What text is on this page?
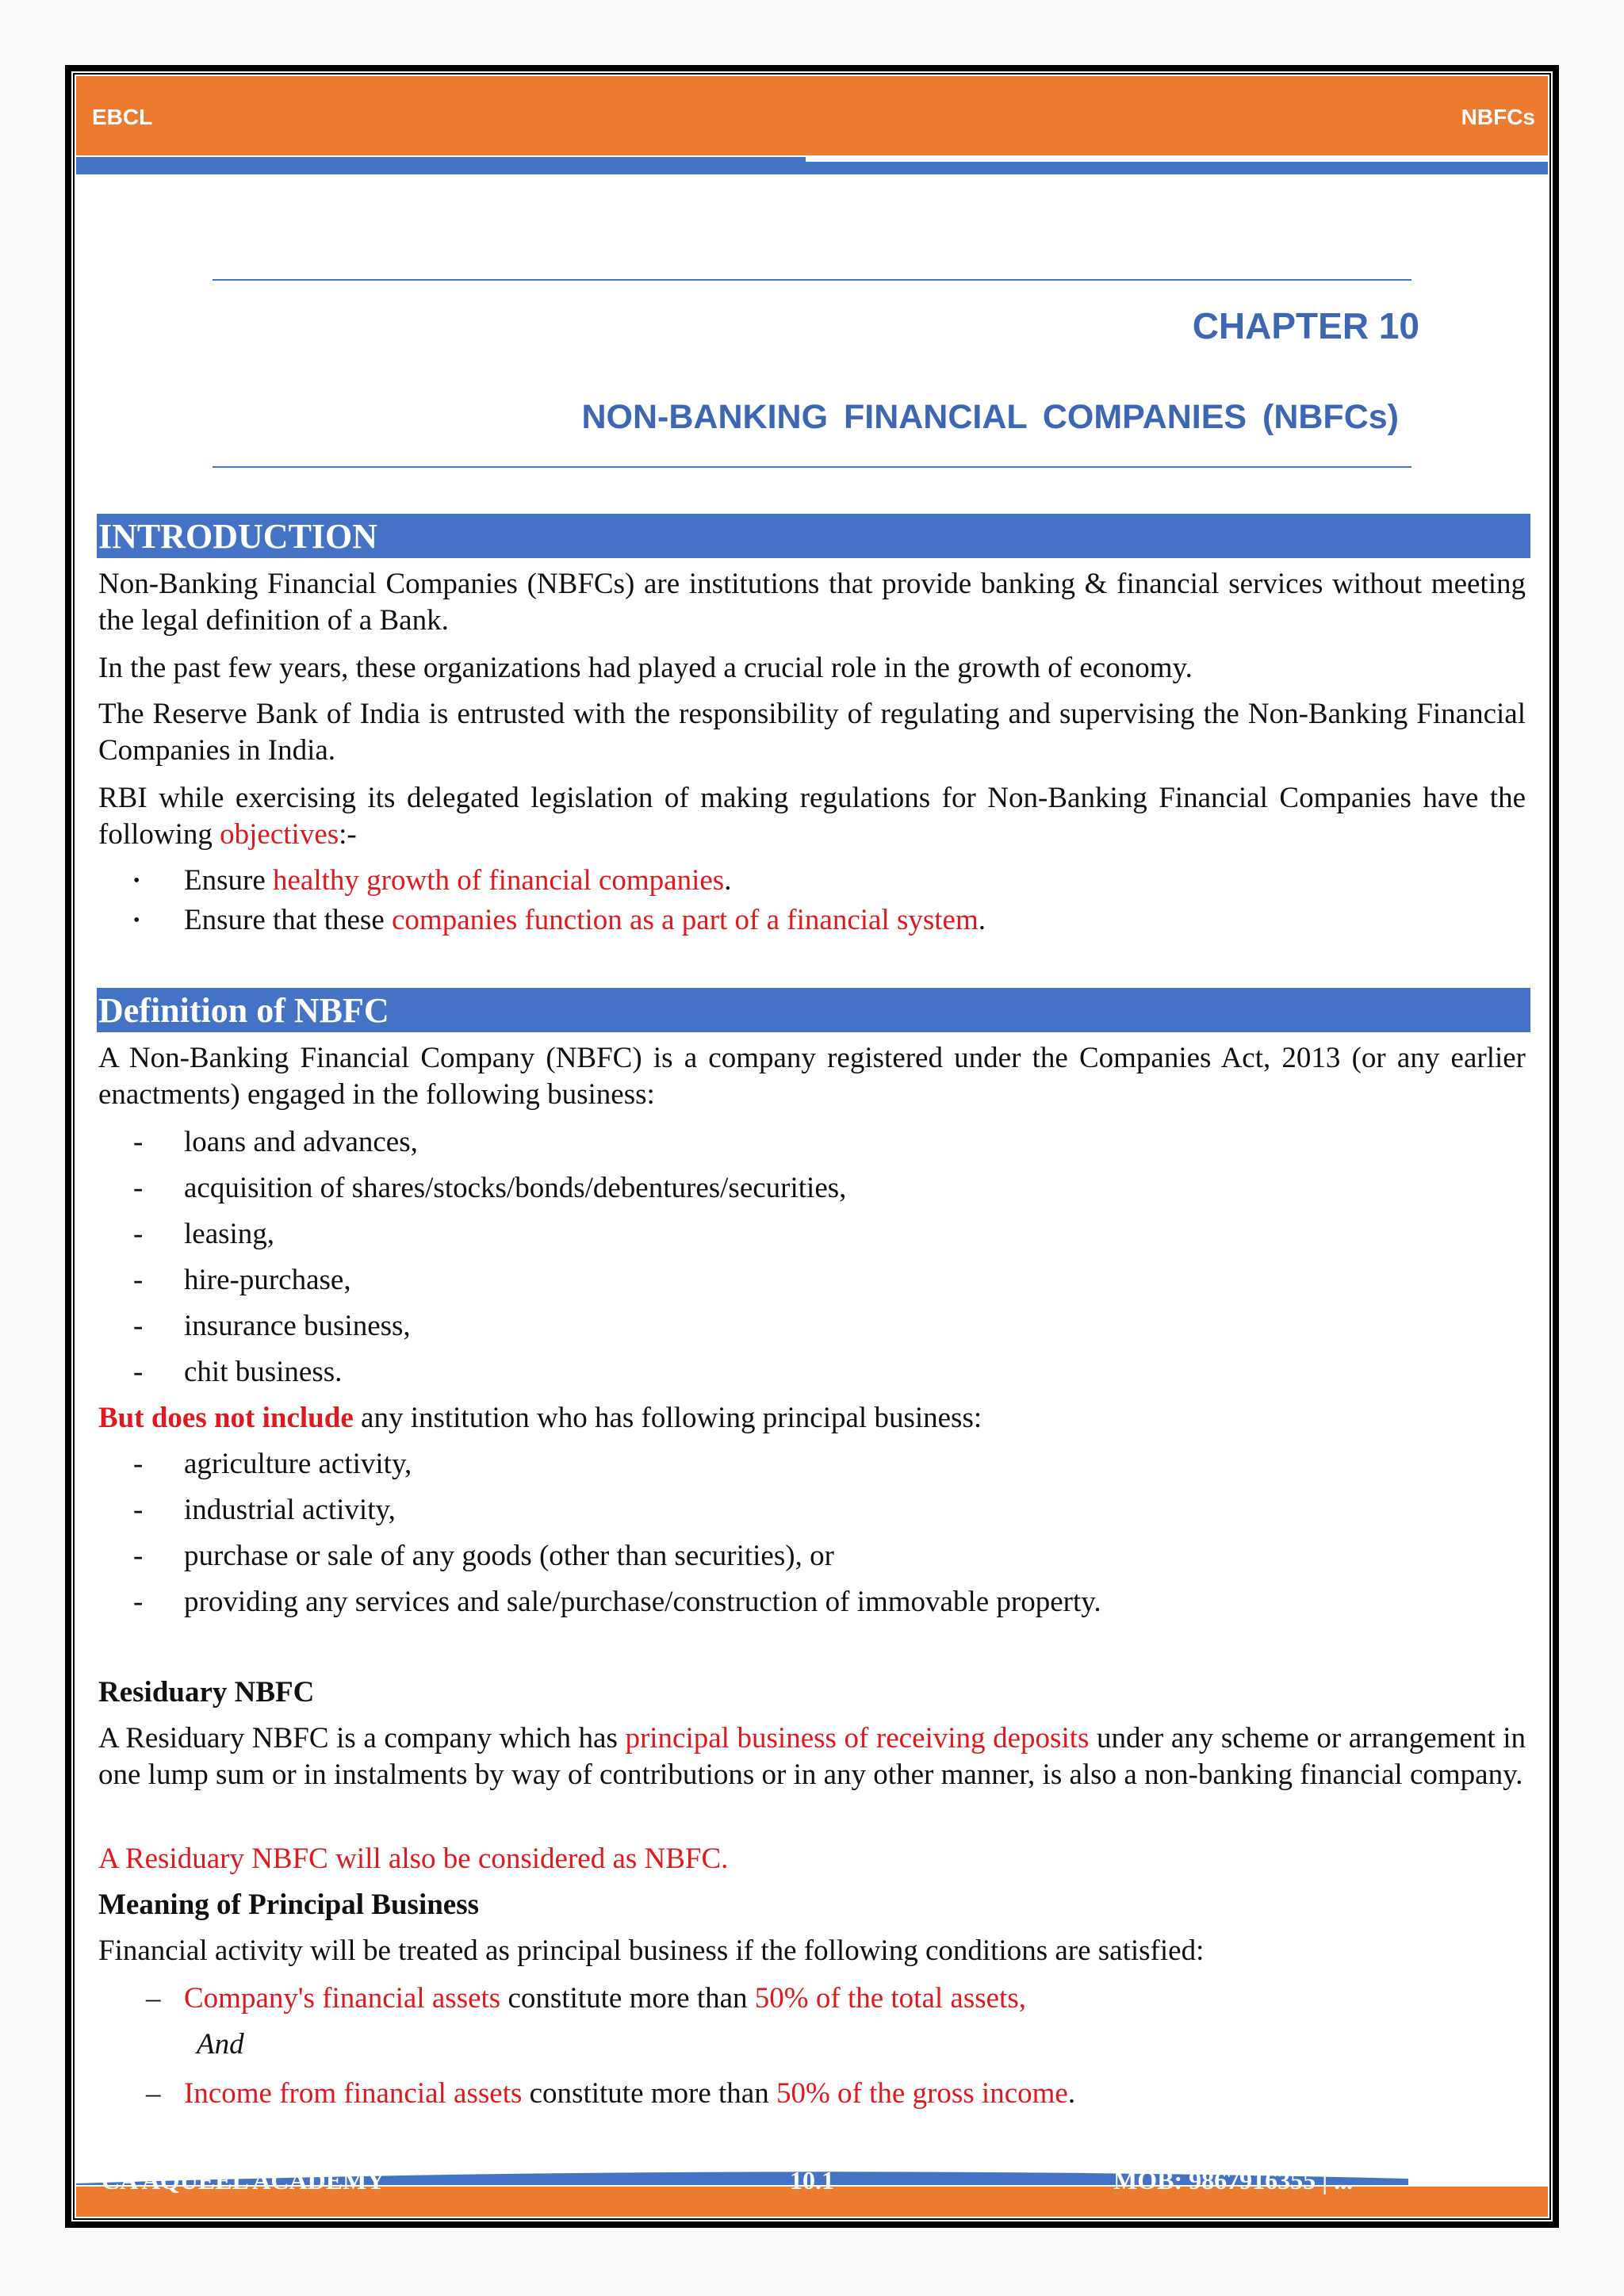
EBCL	NBFCs
CHAPTER 10
NON-BANKING FINANCIAL COMPANIES (NBFCs)
INTRODUCTION
Non-Banking Financial Companies (NBFCs) are institutions that provide banking & financial services without meeting the legal definition of a Bank.
In the past few years, these organizations had played a crucial role in the growth of economy.
The Reserve Bank of India is entrusted with the responsibility of regulating and supervising the Non-Banking Financial Companies in India.
RBI while exercising its delegated legislation of making regulations for Non-Banking Financial Companies have the following objectives:-
• Ensure healthy growth of financial companies.
• Ensure that these companies function as a part of a financial system.
Definition of NBFC
A Non-Banking Financial Company (NBFC) is a company registered under the Companies Act, 2013 (or any earlier enactments) engaged in the following business:
- loans and advances,
- acquisition of shares/stocks/bonds/debentures/securities,
- leasing,
- hire-purchase,
- insurance business,
- chit business.
But does not include any institution who has following principal business:
- agriculture activity,
- industrial activity,
- purchase or sale of any goods (other than securities), or
- providing any services and sale/purchase/construction of immovable property.
Residuary NBFC
A Residuary NBFC is a company which has principal business of receiving deposits under any scheme or arrangement in one lump sum or in instalments by way of contributions or in any other manner, is also a non-banking financial company.
A Residuary NBFC will also be considered as NBFC.
Meaning of Principal Business
Financial activity will be treated as principal business if the following conditions are satisfied:
– Company's financial assets constitute more than 50% of the total assets,
And
– Income from financial assets constitute more than 50% of the gross income.
CA AQUEEL ACADEMY	10.1	MOB: 9867916355 | ...
